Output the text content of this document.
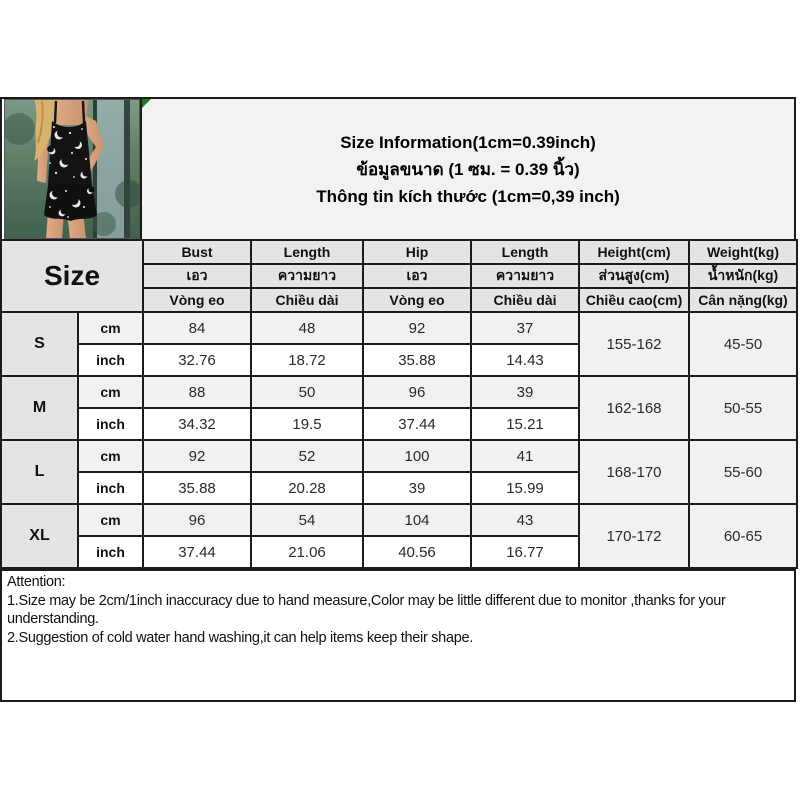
Size Information(1cm=0.39inch)
ข้อมูลขนาด (1 ซม. = 0.39 นิ้ว)
Thông tin kích thước (1cm=0,39 inch)
Size		Bust	Length	Hip	Length	Height(cm)	Weight(kg)
		เอว	ความยาว	เอว	ความยาว	ส่วนสูง(cm)	น้ำหนัก(kg)
		Vòng eo	Chiều dài	Vòng eo	Chiều dài	Chiều cao(cm)	Cân nặng(kg)
S	cm	84	48	92	37	155-162	45-50
	inch	32.76	18.72	35.88	14.43		
M	cm	88	50	96	39	162-168	50-55
	inch	34.32	19.5	37.44	15.21		
L	cm	92	52	100	41	168-170	55-60
	inch	35.88	20.28	39	15.99		
XL	cm	96	54	104	43	170-172	60-65
	inch	37.44	21.06	40.56	16.77		
Attention:
1.Size may be 2cm/1inch inaccuracy due to hand measure,Color may be little different due to monitor ,thanks for your
understanding.
2.Suggestion of cold water hand washing,it can help items keep their shape.
